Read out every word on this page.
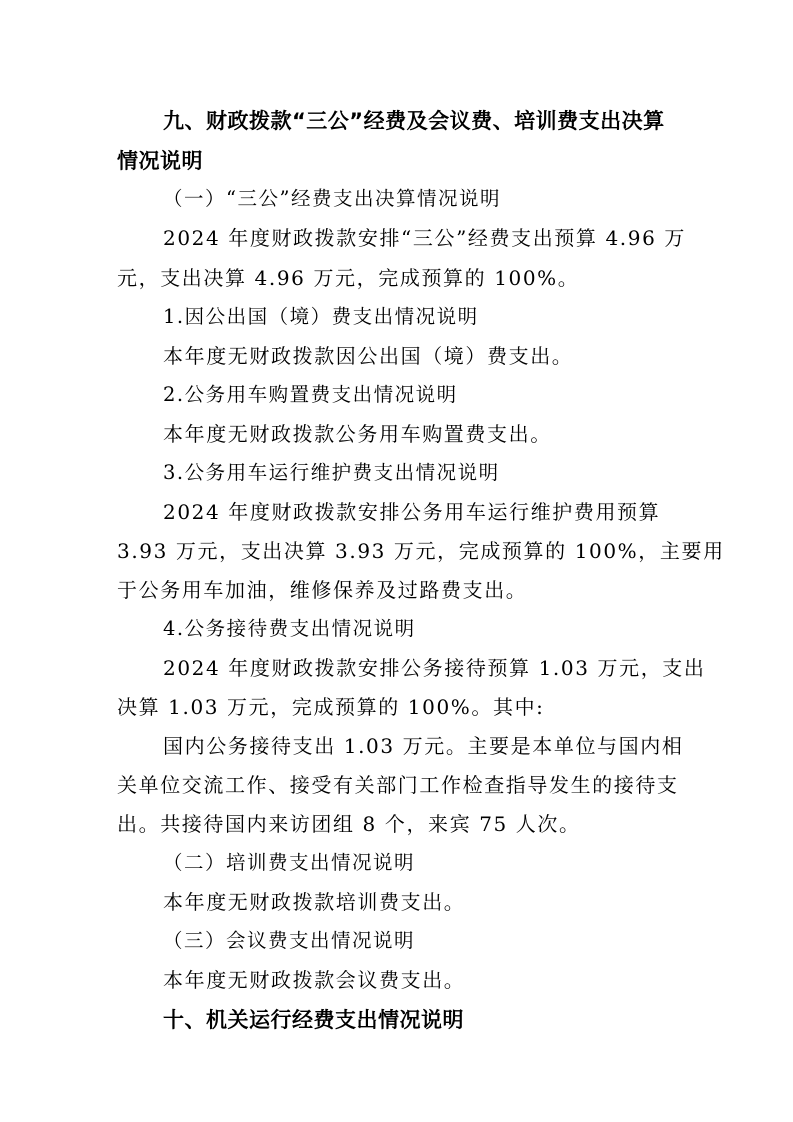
九、财政拨款“三公”经费及会议费、培训费支出决算
情况说明
（一）“三公”经费支出决算情况说明
2024 年度财政拨款安排“三公”经费支出预算 4.96 万
元，支出决算 4.96 万元，完成预算的 100%。
1.因公出国（境）费支出情况说明
本年度无财政拨款因公出国（境）费支出。
2.公务用车购置费支出情况说明
本年度无财政拨款公务用车购置费支出。
3.公务用车运行维护费支出情况说明
2024 年度财政拨款安排公务用车运行维护费用预算
3.93 万元，支出决算 3.93 万元，完成预算的 100%，主要用
于公务用车加油，维修保养及过路费支出。
4.公务接待费支出情况说明
2024 年度财政拨款安排公务接待预算 1.03 万元，支出
决算 1.03 万元，完成预算的 100%。其中:
国内公务接待支出 1.03 万元。主要是本单位与国内相
关单位交流工作、接受有关部门工作检查指导发生的接待支
出。共接待国内来访团组 8 个，来宾 75 人次。
（二）培训费支出情况说明
本年度无财政拨款培训费支出。
（三）会议费支出情况说明
本年度无财政拨款会议费支出。
十、机关运行经费支出情况说明
